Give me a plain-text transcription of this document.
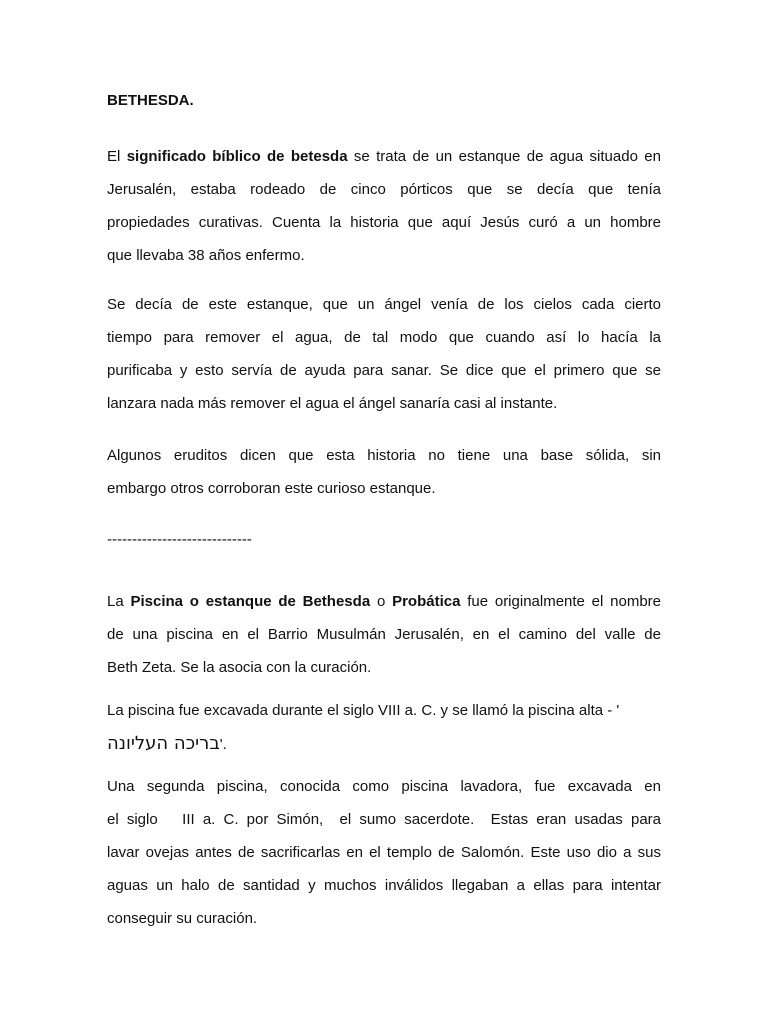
BETHESDA.

El significado bíblico de betesda se trata de un estanque de agua situado en
Jerusalén, estaba rodeado de cinco pórticos que se decía que tenía
propiedades curativas. Cuenta la historia que aquí Jesús curó a un hombre
que llevaba 38 años enfermo.

Se decía de este estanque, que un ángel venía de los cielos cada cierto
tiempo para remover el agua, de tal modo que cuando así lo hacía la
purificaba y esto servía de ayuda para sanar. Se dice que el primero que se
lanzara nada más remover el agua el ángel sanaría casi al instante.

Algunos eruditos dicen que esta historia no tiene una base sólida, sin
embargo otros corroboran este curioso estanque.

-----------------------------

La Piscina o estanque de Bethesda o Probática fue originalmente el nombre
de una piscina en el Barrio Musulmán Jerusalén, en el camino del valle de
Beth Zeta. Se la asocia con la curación.

La piscina fue excavada durante el siglo VIII a. C. y se llamó la piscina alta - '
בריכה העליונה'.

Una segunda piscina, conocida como piscina lavadora, fue excavada en
el siglo   III a. C. por Simón,  el sumo sacerdote.  Estas eran usadas para
lavar ovejas antes de sacrificarlas en el templo de Salomón. Este uso dio a sus
aguas un halo de santidad y muchos inválidos llegaban a ellas para intentar
conseguir su curación.
